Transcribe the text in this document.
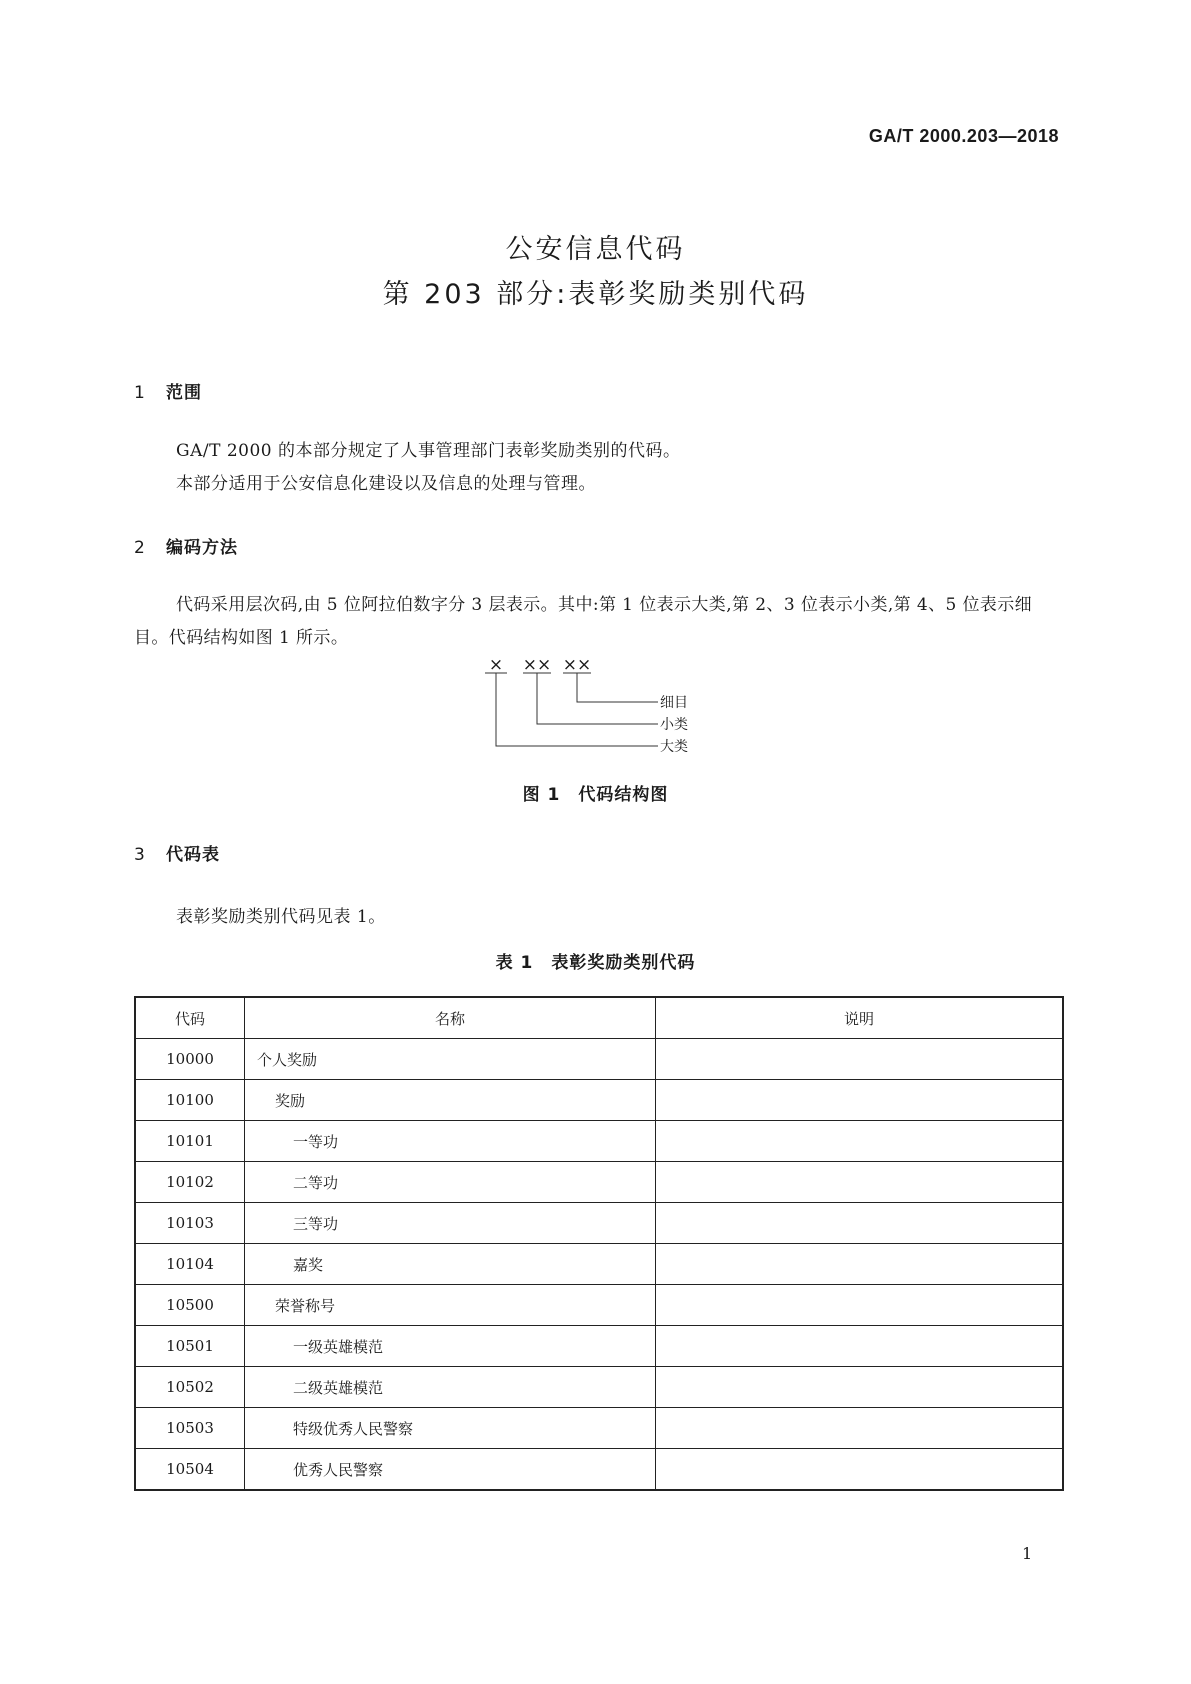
GA/T 2000.203—2018
公安信息代码
第 203 部分:表彰奖励类别代码
1 范围
GA/T 2000 的本部分规定了人事管理部门表彰奖励类别的代码。
本部分适用于公安信息化建设以及信息的处理与管理。
2 编码方法
代码采用层次码,由 5 位阿拉伯数字分 3 层表示。其中:第 1 位表示大类,第 2、3 位表示小类,第 4、5 位表示细目。代码结构如图 1 所示。
× ×× ××
细目
小类
大类
图 1　代码结构图
3 代码表
表彰奖励类别代码见表 1。
表 1　表彰奖励类别代码
代码	名称	说明
10000	个人奖励	
10100	奖励	
10101	一等功	
10102	二等功	
10103	三等功	
10104	嘉奖	
10500	荣誉称号	
10501	一级英雄模范	
10502	二级英雄模范	
10503	特级优秀人民警察	
10504	优秀人民警察	
1
